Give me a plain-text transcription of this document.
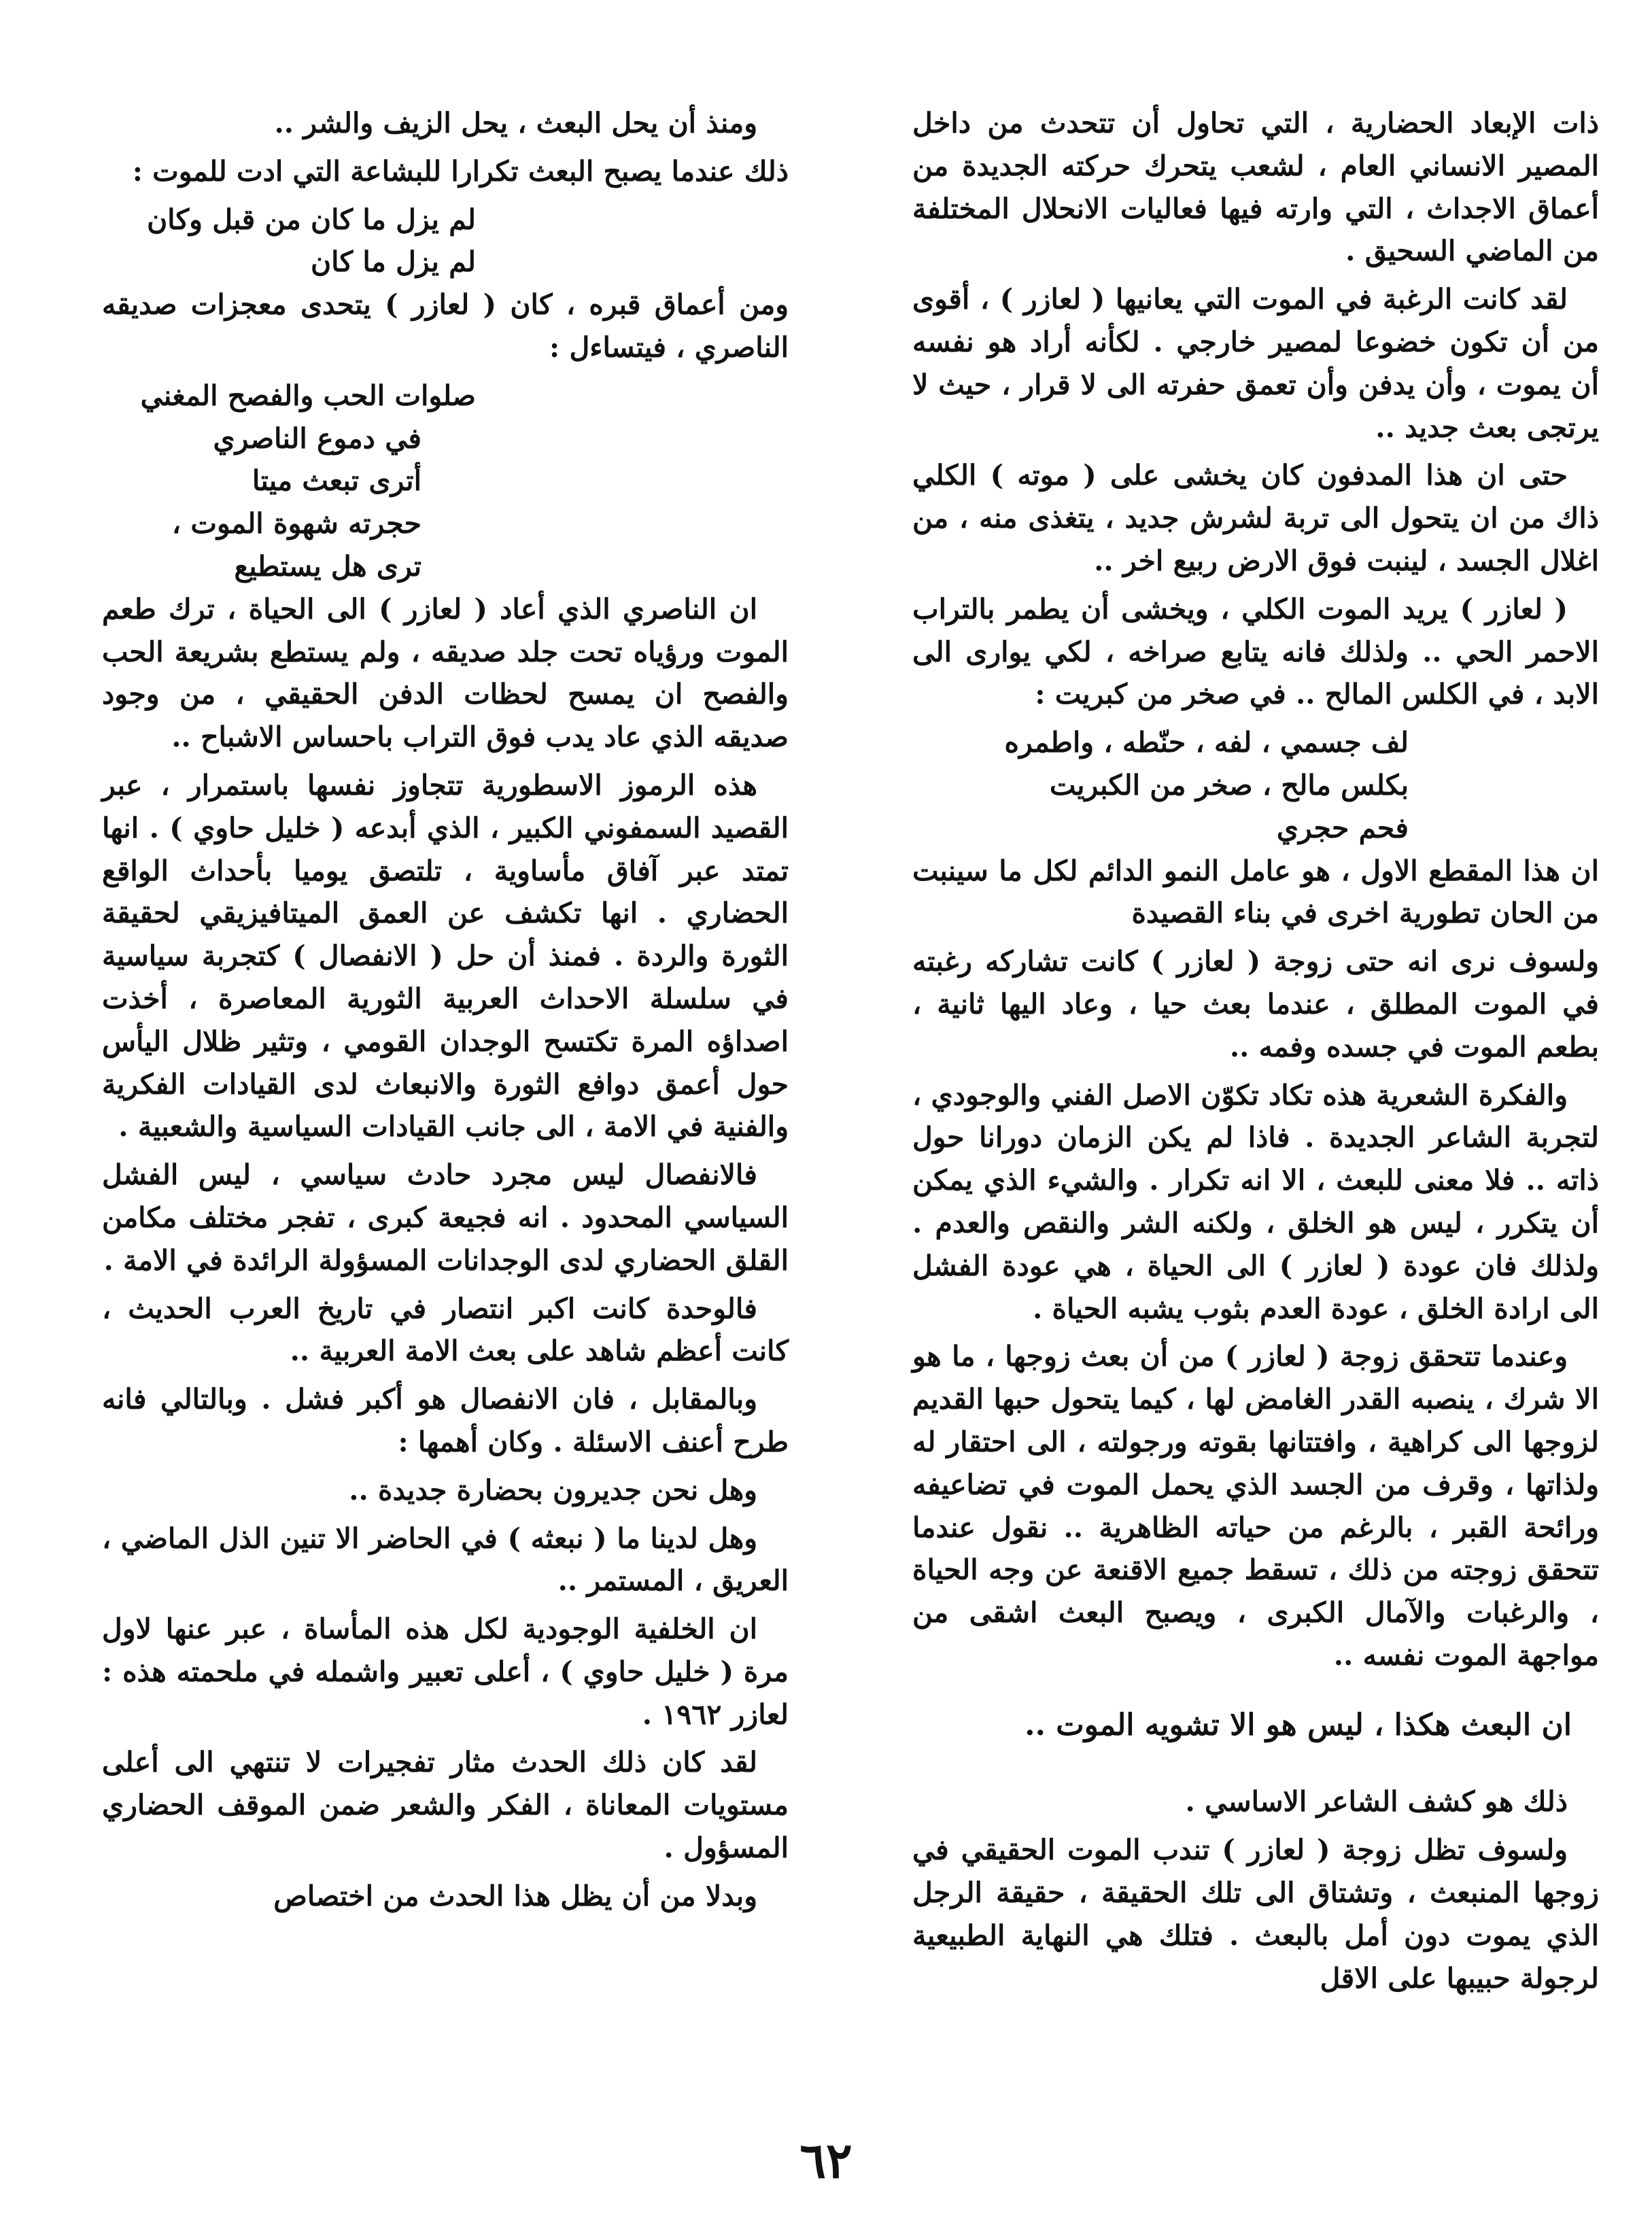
ذات الإبعاد الحضارية ، التي تحاول أن تتحدث من داخل المصير الانساني العام ، لشعب يتحرك حركته الجديدة من أعماق الاجداث ، التي وارته فيها فعاليات الانحلال المختلفة من الماضي السحيق .

لقد كانت الرغبة في الموت التي يعانيها ( لعازر ) ، أقوى من أن تكون خضوعا لمصير خارجي . لكأنه أراد هو نفسه أن يموت ، وأن يدفن وأن تعمق حفرته الى لا قرار ، حيث لا يرتجى بعث جديد ..

حتى ان هذا المدفون كان يخشى على ( موته ) الكلي ذاك من ان يتحول الى تربة لشرش جديد ، يتغذى منه ، من اغلال الجسد ، لينبت فوق الارض ربيع اخر ..

( لعازر ) يريد الموت الكلي ، ويخشى أن يطمر بالتراب الاحمر الحي .. ولذلك فانه يتابع صراخه ، لكي يوارى الى الابد ، في الكلس المالح .. في صخر من كبريت :

لف جسمي ، لفه ، حنّطه ، واطمره

بكلس مالح ، صخر من الكبريت

فحم حجري

ان هذا المقطع الاول ، هو عامل النمو الدائم لكل ما سينبت من الحان تطورية اخرى في بناء القصيدة

ولسوف نرى انه حتى زوجة ( لعازر ) كانت تشاركه رغبته في الموت المطلق ، عندما بعث حيا ، وعاد اليها ثانية ، بطعم الموت في جسده وفمه ..

والفكرة الشعرية هذه تكاد تكوّن الاصل الفني والوجودي ، لتجربة الشاعر الجديدة . فاذا لم يكن الزمان دورانا حول ذاته .. فلا معنى للبعث ، الا انه تكرار . والشيء الذي يمكن أن يتكرر ، ليس هو الخلق ، ولكنه الشر والنقص والعدم . ولذلك فان عودة ( لعازر ) الى الحياة ، هي عودة الفشل الى ارادة الخلق ، عودة العدم بثوب يشبه الحياة .

وعندما تتحقق زوجة ( لعازر ) من أن بعث زوجها ، ما هو الا شرك ، ينصبه القدر الغامض لها ، كيما يتحول حبها القديم لزوجها الى كراهية ، وافتتانها بقوته ورجولته ، الى احتقار له ولذاتها ، وقرف من الجسد الذي يحمل الموت في تضاعيفه ورائحة القبر ، بالرغم من حياته الظاهرية .. نقول عندما تتحقق زوجته من ذلك ، تسقط جميع الاقنعة عن وجه الحياة ، والرغبات والآمال الكبرى ، ويصبح البعث اشقى من مواجهة الموت نفسه ..

ان البعث هكذا ، ليس هو الا تشويه الموت ..

ذلك هو كشف الشاعر الاساسي .

ولسوف تظل زوجة ( لعازر ) تندب الموت الحقيقي في زوجها المنبعث ، وتشتاق الى تلك الحقيقة ، حقيقة الرجل الذي يموت دون أمل بالبعث . فتلك هي النهاية الطبيعية لرجولة حبيبها على الاقل

ومنذ أن يحل البعث ، يحل الزيف والشر ..

ذلك عندما يصبح البعث تكرارا للبشاعة التي ادت للموت :

لم يزل ما كان من قبل وكان

لم يزل ما كان

ومن أعماق قبره ، كان ( لعازر ) يتحدى معجزات صديقه الناصري ، فيتساءل :

صلوات الحب والفصح المغني

في دموع الناصري

أترى تبعث ميتا

حجرته شهوة الموت ،

ترى هل يستطيع

ان الناصري الذي أعاد ( لعازر ) الى الحياة ، ترك طعم الموت ورؤياه تحت جلد صديقه ، ولم يستطع بشريعة الحب والفصح ان يمسح لحظات الدفن الحقيقي ، من وجود صديقه الذي عاد يدب فوق التراب باحساس الاشباح ..

هذه الرموز الاسطورية تتجاوز نفسها باستمرار ، عبر القصيد السمفوني الكبير ، الذي أبدعه ( خليل حاوي ) . انها تمتد عبر آفاق مأساوية ، تلتصق يوميا بأحداث الواقع الحضاري . انها تكشف عن العمق الميتافيزيقي لحقيقة الثورة والردة . فمنذ أن حل ( الانفصال ) كتجربة سياسية في سلسلة الاحداث العربية الثورية المعاصرة ، أخذت اصداؤه المرة تكتسح الوجدان القومي ، وتثير ظلال اليأس حول أعمق دوافع الثورة والانبعاث لدى القيادات الفكرية والفنية في الامة ، الى جانب القيادات السياسية والشعبية .

فالانفصال ليس مجرد حادث سياسي ، ليس الفشل السياسي المحدود . انه فجيعة كبرى ، تفجر مختلف مكامن القلق الحضاري لدى الوجدانات المسؤولة الرائدة في الامة .

فالوحدة كانت اكبر انتصار في تاريخ العرب الحديث ، كانت أعظم شاهد على بعث الامة العربية ..

وبالمقابل ، فان الانفصال هو أكبر فشل . وبالتالي فانه طرح أعنف الاسئلة . وكان أهمها :

وهل نحن جديرون بحضارة جديدة ..

وهل لدينا ما ( نبعثه ) في الحاضر الا تنين الذل الماضي ، العريق ، المستمر ..

ان الخلفية الوجودية لكل هذه المأساة ، عبر عنها لاول مرة ( خليل حاوي ) ، أعلى تعبير واشمله في ملحمته هذه : لعازر ١٩٦٢ .

لقد كان ذلك الحدث مثار تفجيرات لا تنتهي الى أعلى مستويات المعاناة ، الفكر والشعر ضمن الموقف الحضاري المسؤول .

وبدلا من أن يظل هذا الحدث من اختصاص

٦٢
